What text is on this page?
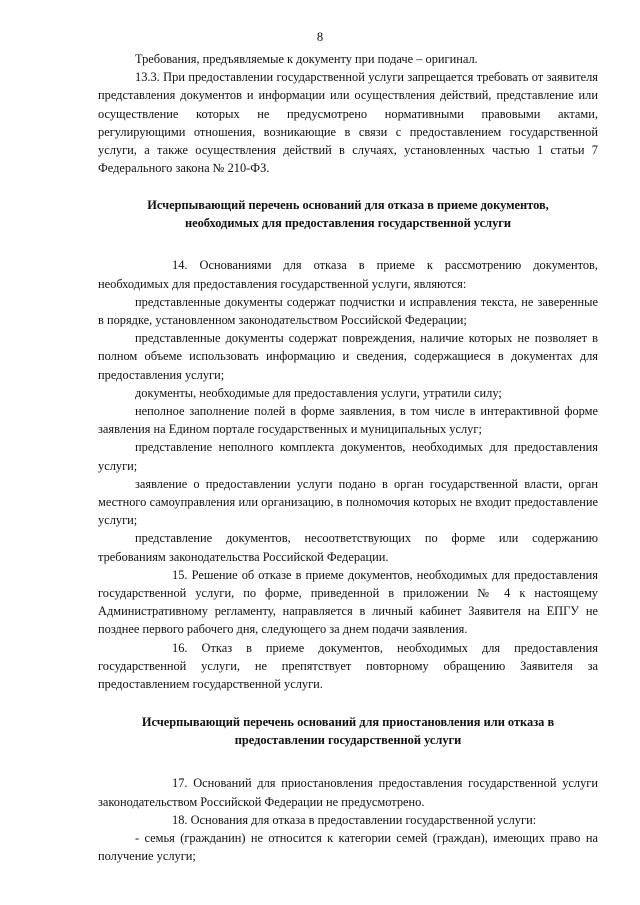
8

Требования, предъявляемые к документу при подаче – оригинал.

13.3. При предоставлении государственной услуги запрещается требовать от заявителя представления документов и информации или осуществления действий, представление или осуществление которых не предусмотрено нормативными правовыми актами, регулирующими отношения, возникающие в связи с предоставлением государственной услуги, а также осуществления действий в случаях, установленных частью 1 статьи 7 Федерального закона № 210-ФЗ.

Исчерпывающий перечень оснований для отказа в приеме документов,

необходимых для предоставления государственной услуги

14. Основаниями для отказа в приеме к рассмотрению документов, необходимых для предоставления государственной услуги, являются:

представленные документы содержат подчистки и исправления текста, не заверенные в порядке, установленном законодательством Российской Федерации;

представленные документы содержат повреждения, наличие которых не позволяет в полном объеме использовать информацию и сведения, содержащиеся в документах для предоставления услуги;

документы, необходимые для предоставления услуги, утратили силу;

неполное заполнение полей в форме заявления, в том числе в интерактивной форме заявления на Едином портале государственных и муниципальных услуг;

представление неполного комплекта документов, необходимых для предоставления услуги;

заявление о предоставлении услуги подано в орган государственной власти, орган местного самоуправления или организацию, в полномочия которых не входит предоставление услуги;

представление документов, несоответствующих по форме или содержанию требованиям законодательства Российской Федерации.

15. Решение об отказе в приеме документов, необходимых для предоставления государственной услуги, по форме, приведенной в приложении № 4 к настоящему Административному регламенту, направляется в личный кабинет Заявителя на ЕПГУ не позднее первого рабочего дня, следующего за днем подачи заявления.

16. Отказ в приеме документов, необходимых для предоставления государственной услуги, не препятствует повторному обращению Заявителя за предоставлением государственной услуги.

Исчерпывающий перечень оснований для приостановления или отказа в

предоставлении государственной услуги

17. Оснований для приостановления предоставления государственной услуги законодательством Российской Федерации не предусмотрено.

18. Основания для отказа в предоставлении государственной услуги:

- семья (гражданин) не относится к категории семей (граждан), имеющих право на получение услуги;
